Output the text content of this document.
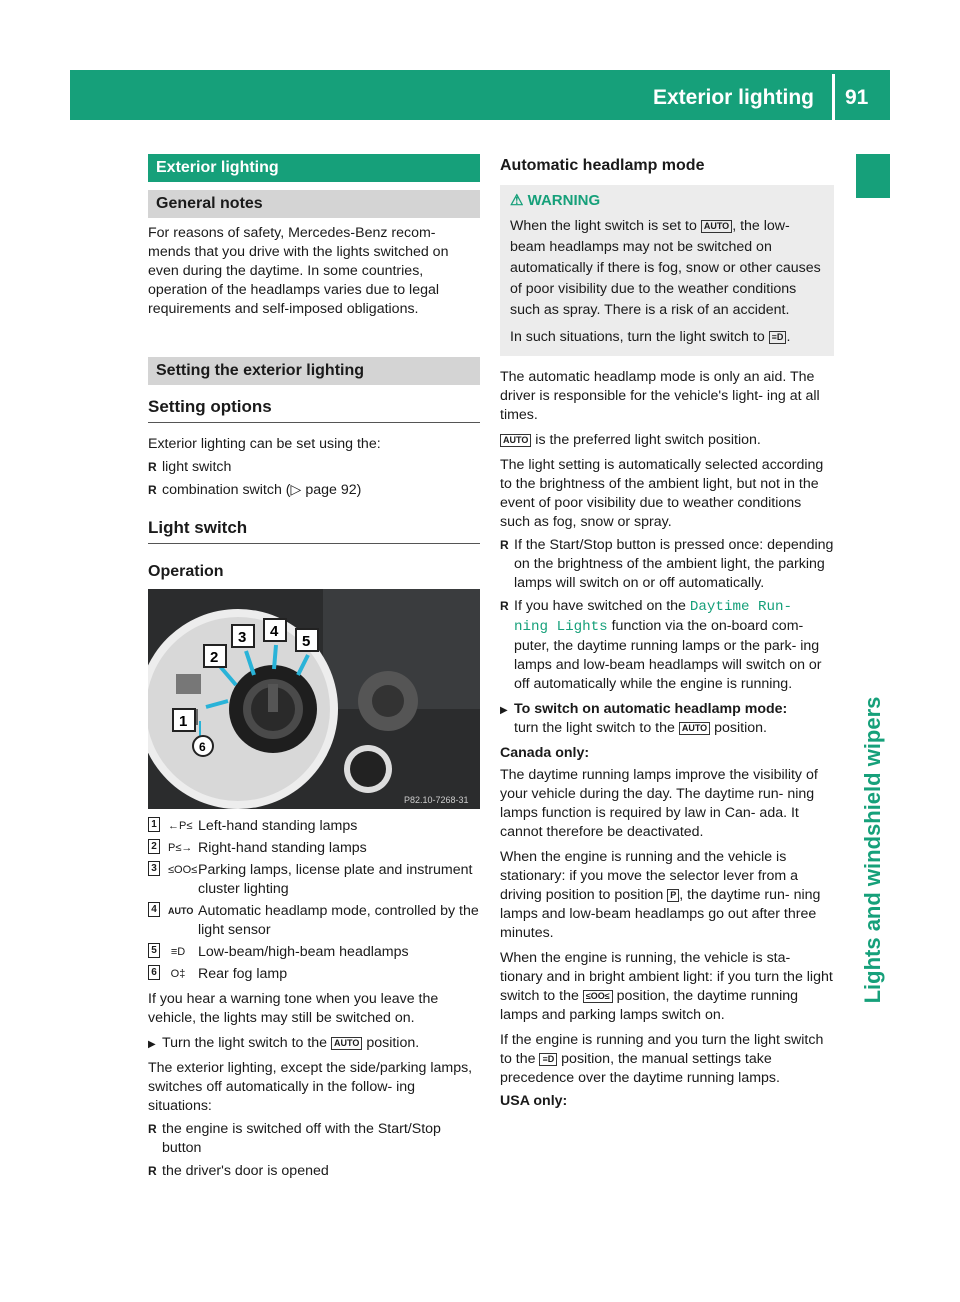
Exterior lighting 91
Lights and windshield wipers
Exterior lighting
General notes

For reasons of safety, Mercedes-Benz recom- mends that you drive with the lights switched on even during the daytime. In some countries, operation of the headlamps varies due to legal requirements and self-imposed obligations.

Setting the exterior lighting
Setting options

Exterior lighting can be set using the:

R light switch
R combination switch (▷ page 92)
Light switch
Operation
1
2
3 4
5
6
P82.10-7268-31
1 ←P≤ Left-hand standing lamps
2 P≤→ Right-hand standing lamps
3 ≤OO≤ Parking lamps, license plate and instrument cluster lighting
4	AUTO Automatic headlamp mode, controlled by the light sensor
5 ≡D Low-beam/high-beam headlamps
6 O‡ Rear fog lamp

If you hear a warning tone when you leave the vehicle, the lights may still be switched on.

▶ Turn the light switch to the AUTO position.

The exterior lighting, except the side/parking lamps, switches off automatically in the follow- ing situations:

R the engine is switched off with the Start/Stop button
R the driver's door is opened
Automatic headlamp mode
⚠ WARNING

When the light switch is set to AUTO , the low- beam headlamps may not be switched on automatically if there is fog, snow or other causes of poor visibility due to the weather conditions such as spray. There is a risk of an accident.

In such situations, turn the light switch to ≡D .

The automatic headlamp mode is only an aid. The driver is responsible for the vehicle's light- ing at all times.

AUTO is the preferred light switch position.

The light setting is automatically selected according to the brightness of the ambient light, but not in the event of poor visibility due to weather conditions such as fog, snow or spray.

R If the Start/Stop button is pressed once: depending on the brightness of the ambient light, the parking lamps will switch on or off automatically.
R If you have switched on the Daytime Run‐ ning Lights function via the on-board com- puter, the daytime running lamps or the park- ing lamps and low-beam headlamps will switch on or off automatically while the engine is running.
▶ To switch on automatic headlamp mode:
turn the light switch to the AUTO position.
Canada only:

The daytime running lamps improve the visibility of your vehicle during the day. The daytime run- ning lamps function is required by law in Can- ada. It cannot therefore be deactivated.

When the engine is running and the vehicle is stationary: if you move the selector lever from a driving position to position P , the daytime run- ning lamps and low-beam headlamps go out after three minutes.

When the engine is running, the vehicle is sta- tionary and in bright ambient light: if you turn the light switch to the ≤OO≤ position, the daytime running lamps and parking lamps switch on.

If the engine is running and you turn the light switch to the ≡D position, the manual settings take precedence over the daytime running lamps.

USA only:
